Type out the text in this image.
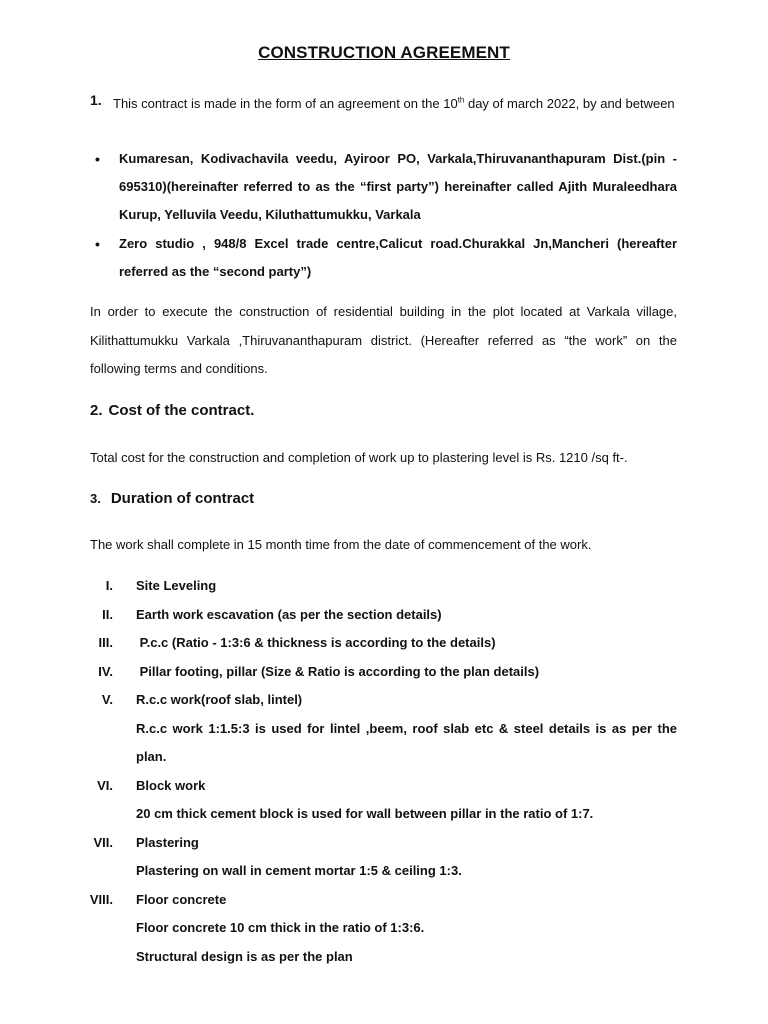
CONSTRUCTION AGREEMENT
1. This contract is made in the form of an agreement on the 10th day of march 2022, by and between
• Kumaresan, Kodivachavila veedu, Ayiroor PO, Varkala,Thiruvananthapuram Dist.(pin - 695310)(hereinafter referred to as the “first party”) hereinafter called Ajith Muraleedhara Kurup, Yelluvila Veedu, Kiluthattumukku, Varkala
• Zero studio , 948/8 Excel trade centre,Calicut road.Churakkal Jn,Mancheri (hereafter referred as the “second party”)
In order to execute the construction of residential building in the plot located at Varkala village, Kilithattumukku Varkala ,Thiruvananthapuram district. (Hereafter referred as “the work” on the following terms and conditions.
2. Cost of the contract.
Total cost for the construction and completion of work up to plastering level is Rs. 1210 /sq ft-.
3. Duration of contract
The work shall complete in 15 month time from the date of commencement of the work.
I. Site Leveling
II. Earth work escavation (as per the section details)
III. P.c.c (Ratio - 1:3:6 & thickness is according to the details)
IV. Pillar footing, pillar (Size & Ratio is according to the plan details)
V. R.c.c work(roof slab, lintel)
R.c.c work 1:1.5:3 is used for lintel ,beem, roof slab etc & steel details is as per the plan.
VI. Block work
20 cm thick cement block is used for wall between pillar in the ratio of 1:7.
VII. Plastering
Plastering on wall in cement mortar 1:5 & ceiling 1:3.
VIII. Floor concrete
Floor concrete 10 cm thick in the ratio of 1:3:6.
Structural design is as per the plan
